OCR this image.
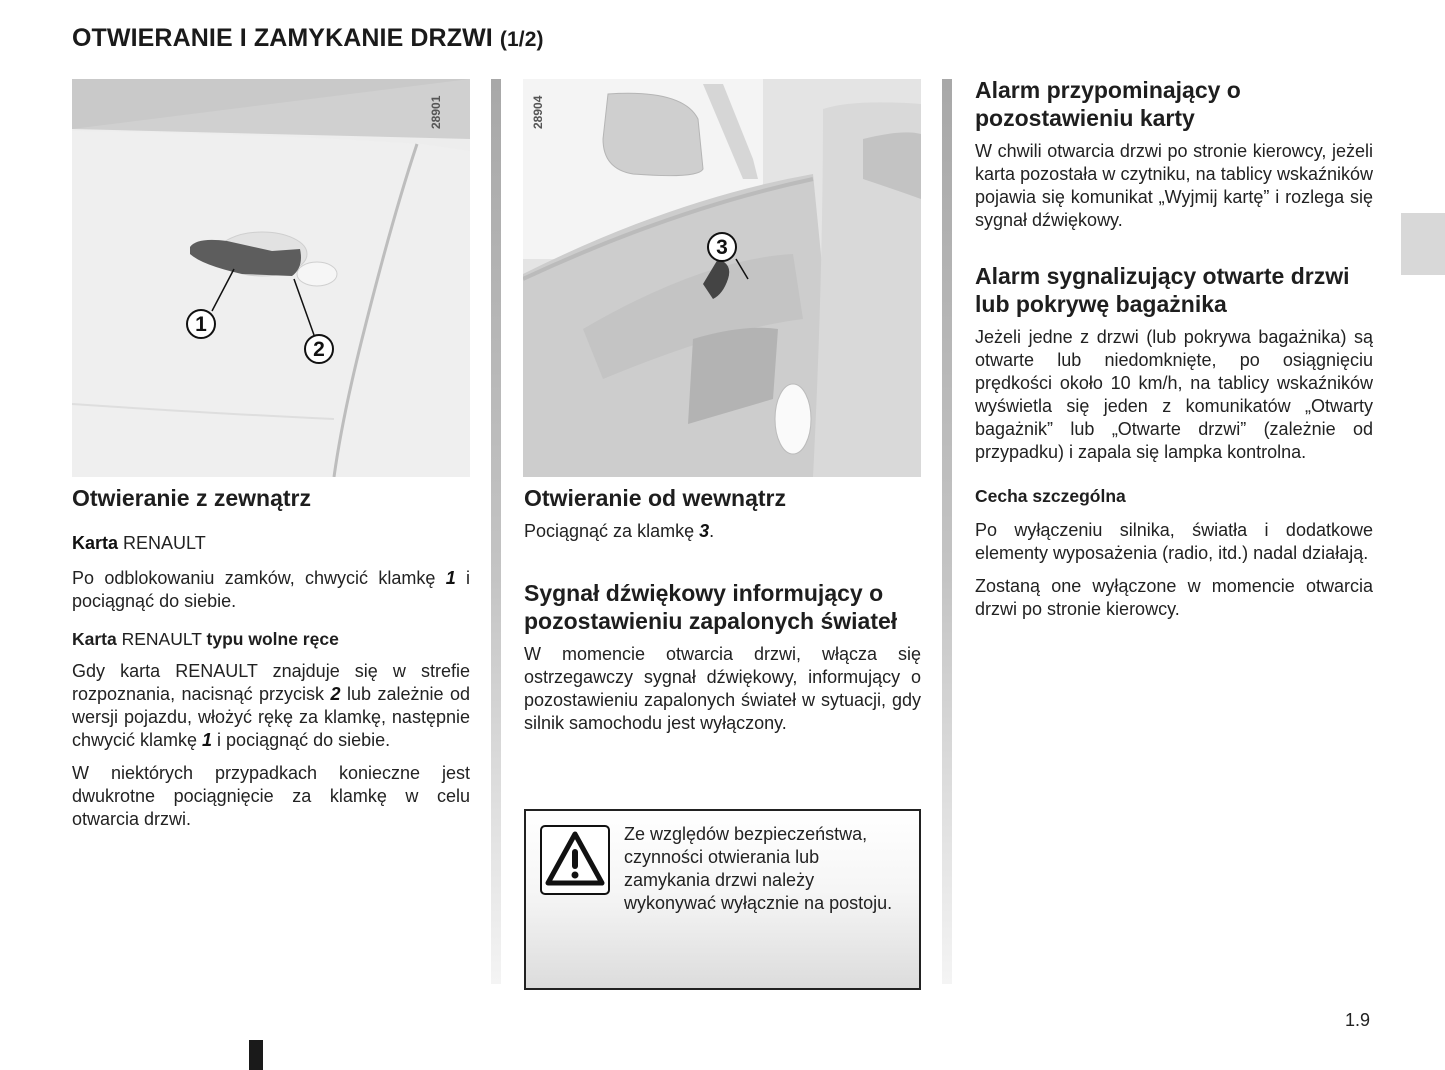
OTWIERANIE I ZAMYKANIE DRZWI (1/2)
28901
1
2
28904
3
Otwieranie z zewnątrz

Karta RENAULT

Po odblokowaniu zamków, chwycić klamkę 1 i pociągnąć do siebie.

Karta RENAULT typu wolne ręce

Gdy karta RENAULT znajduje się w strefie rozpoznania, nacisnąć przycisk 2 lub zależnie od wersji pojazdu, włożyć rękę za klamkę, następnie chwycić klamkę 1 i pociągnąć do siebie.

W niektórych przypadkach konieczne jest dwukrotne pociągnięcie za klamkę w celu otwarcia drzwi.

Otwieranie od wewnątrz

Pociągnąć za klamkę 3.

Sygnał dźwiękowy informujący o pozostawieniu zapalonych świateł

W momencie otwarcia drzwi, włącza się ostrzegawczy sygnał dźwiękowy, informujący o pozostawieniu zapalonych świateł w sytuacji, gdy silnik samochodu jest wyłączony.

Ze względów bezpieczeństwa, czynności otwierania lub zamykania drzwi należy wykonywać wyłącznie na postoju.

Alarm przypominający o pozostawieniu karty

W chwili otwarcia drzwi po stronie kierowcy, jeżeli karta pozostała w czytniku, na tablicy wskaźników pojawia się komunikat „Wyjmij kartę” i rozlega się sygnał dźwiękowy.

Alarm sygnalizujący otwarte drzwi lub pokrywę bagażnika

Jeżeli jedne z drzwi (lub pokrywa bagażnika) są otwarte lub niedomknięte, po osiągnięciu prędkości około 10 km/h, na tablicy wskaźników wyświetla się jeden z komunikatów „Otwarty bagażnik” lub „Otwarte drzwi” (zależnie od przypadku) i zapala się lampka kontrolna.

Cecha szczególna

Po wyłączeniu silnika, światła i dodatkowe elementy wyposażenia (radio, itd.) nadal działają.

Zostaną one wyłączone w momencie otwarcia drzwi po stronie kierowcy.

1.9
